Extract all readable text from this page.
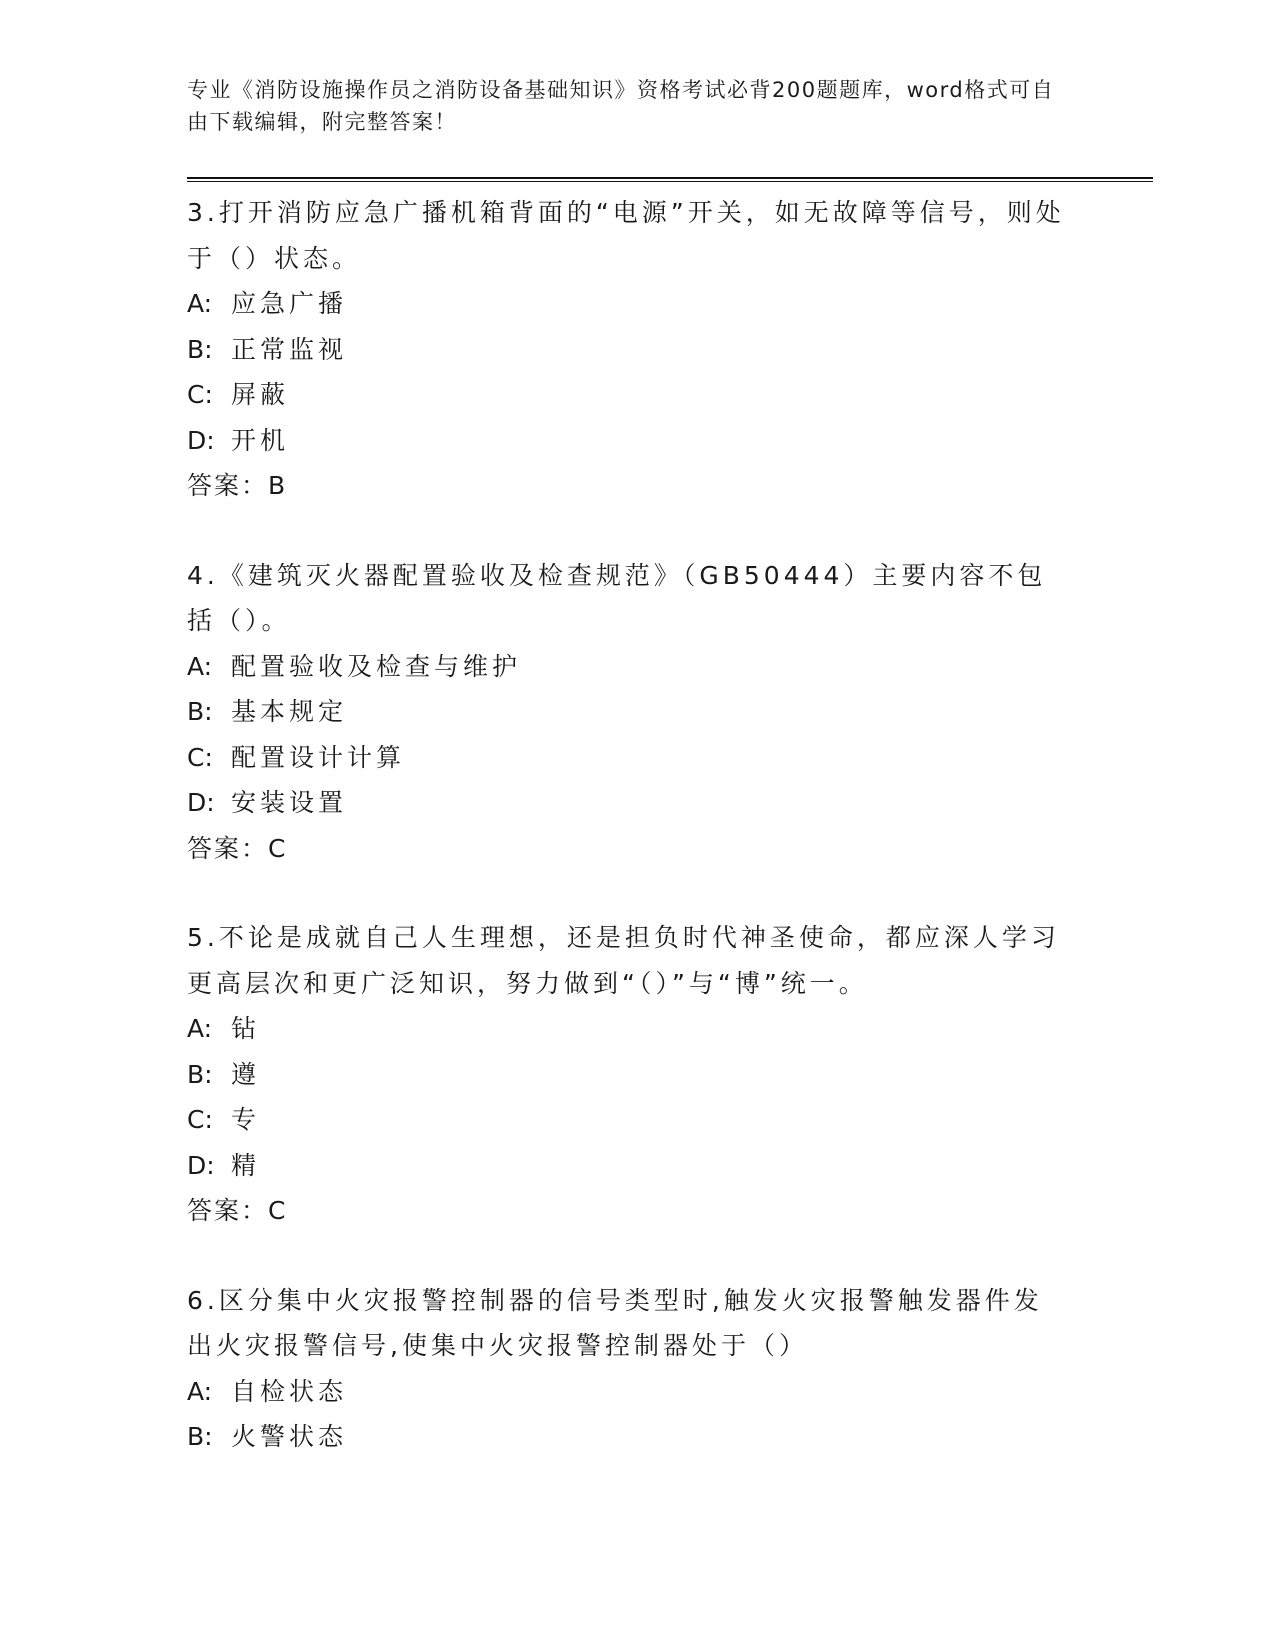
专业《消防设施操作员之消防设备基础知识》资格考试必背200题题库，word格式可自由下载编辑，附完整答案！
3.打开消防应急广播机箱背面的“电源”开关，如无故障等信号，则处于（）状态。
A: 应急广播
B: 正常监视
C: 屏蔽
D: 开机
答案：B
4.《建筑灭火器配置验收及检查规范》（GB50444）主要内容不包括（）。
A: 配置验收及检查与维护
B: 基本规定
C: 配置设计计算
D: 安装设置
答案：C
5.不论是成就自己人生理想，还是担负时代神圣使命，都应深人学习更高层次和更广泛知识，努力做到“（）”与“博”统一。
A: 钻
B: 遵
C: 专
D: 精
答案：C
6.区分集中火灾报警控制器的信号类型时,触发火灾报警触发器件发出火灾报警信号,使集中火灾报警控制器处于（）
A: 自检状态
B: 火警状态
